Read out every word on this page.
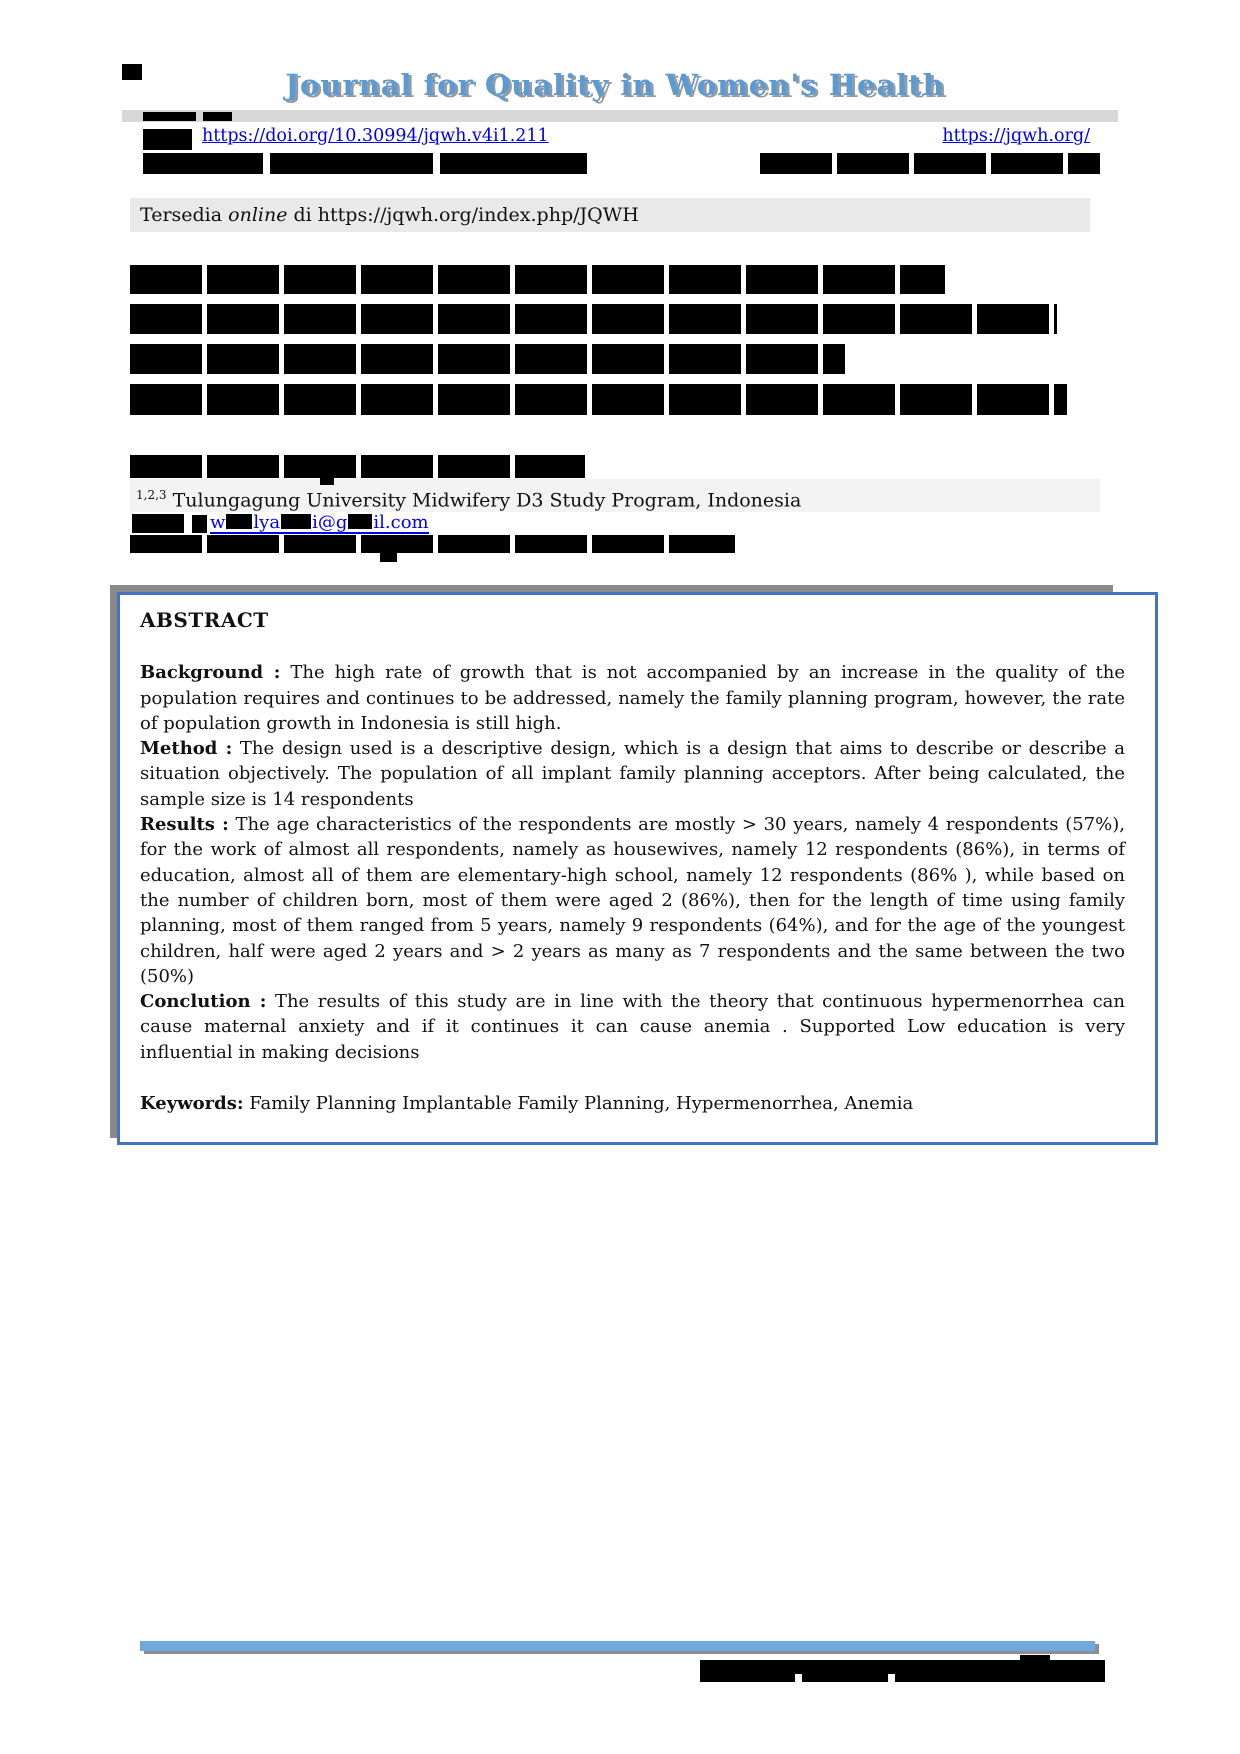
Journal for Quality in Women's Health
https://doi.org/10.30994/jqwh.v4i1.211	https://jqwh.org/
Tersedia online di https://jqwh.org/index.php/JQWH
$^{1,2,3}$ Tulungagung University Midwifery D3 Study Program, Indonesia
w lya i@g il.com
ABSTRACT

Background : The high rate of growth that is not accompanied by an increase in the quality of the population requires and continues to be addressed, namely the family planning program, however, the rate of population growth in Indonesia is still high.

Method : The design used is a descriptive design, which is a design that aims to describe or describe a situation objectively. The population of all implant family planning acceptors. After being calculated, the sample size is 14 respondents

Results : The age characteristics of the respondents are mostly > 30 years, namely 4 respondents (57%), for the work of almost all respondents, namely as housewives, namely 12 respondents (86%), in terms of education, almost all of them are elementary-high school, namely 12 respondents (86% ), while based on the number of children born, most of them were aged 2 (86%), then for the length of time using family planning, most of them ranged from 5 years, namely 9 respondents (64%), and for the age of the youngest children, half were aged 2 years and > 2 years as many as 7 respondents and the same between the two (50%)

Conclution : The results of this study are in line with the theory that continuous hypermenorrhea can cause maternal anxiety and if it continues it can cause anemia . Supported Low education is very influential in making decisions

Keywords: Family Planning Implantable Family Planning, Hypermenorrhea, Anemia
